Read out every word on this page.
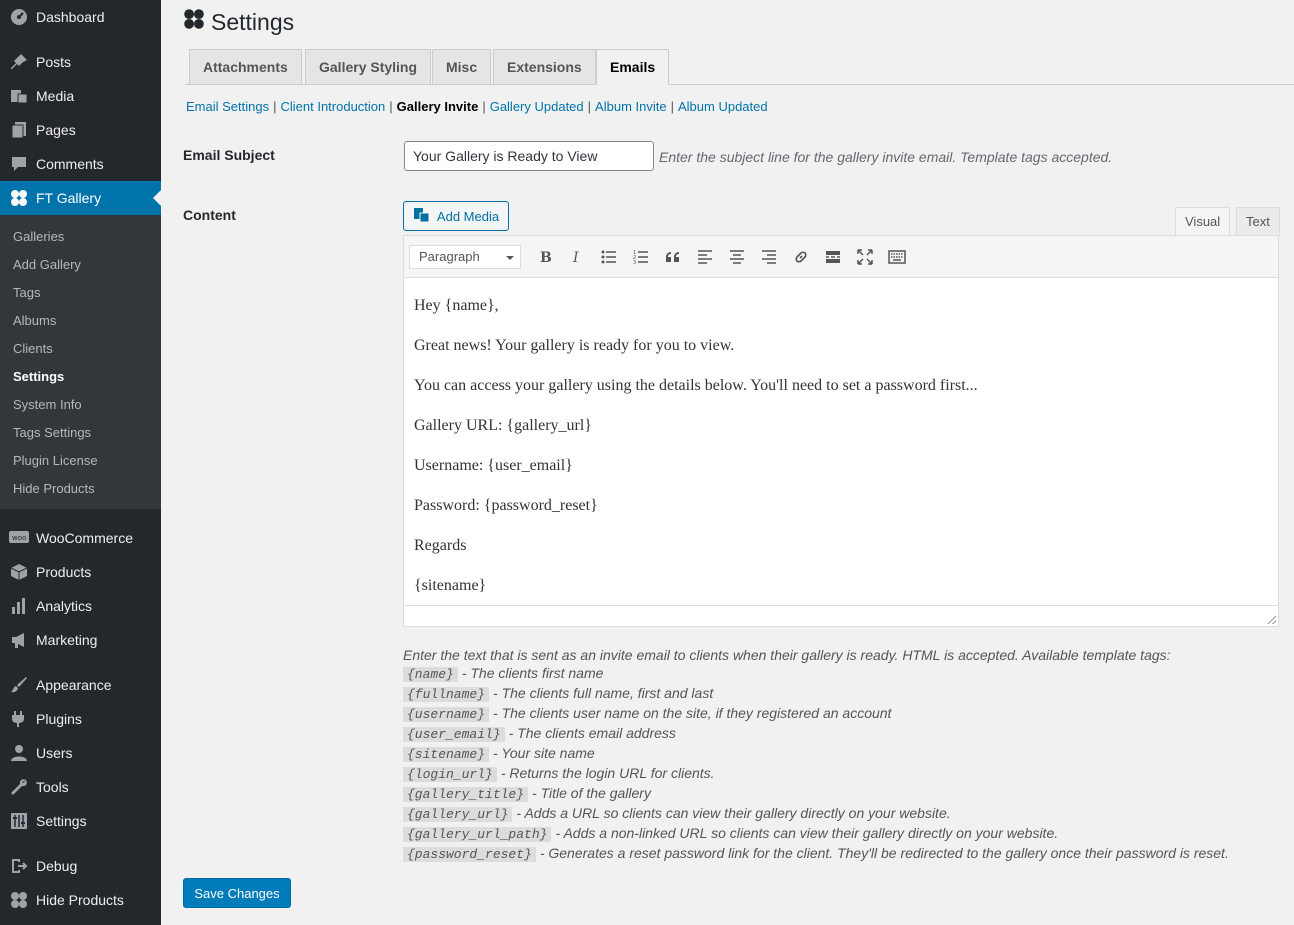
Dashboard
Posts
Media
Pages
Comments
FT Gallery
Galleries
Add Gallery
Tags
Albums
Clients
Settings
System Info
Tags Settings
Plugin License
Hide Products
woo WooCommerce
Products
Analytics
Marketing
Appearance
Plugins
Users
Tools
Settings
Debug
Hide Products
Settings
Attachments	Gallery Styling	Misc	Extensions	Emails
Email Settings | Client Introduction | Gallery Invite | Gallery Updated | Album Invite | Album Updated
Email Subject
Your Gallery is Ready to View	Enter the subject line for the gallery invite email. Template tags accepted.
Content	Add Media	Visual	Text
Paragraph	B I	1
2
3

Hey {name},

Great news! Your gallery is ready for you to view.

You can access your gallery using the details below. You'll need to set a password first...

Gallery URL: {gallery_url}

Username: {user_email}

Password: {password_reset}

Regards

{sitename}

Enter the text that is sent as an invite email to clients when their gallery is ready. HTML is accepted. Available template tags:
{name} - The clients first name
{fullname} - The clients full name, first and last
{username} - The clients user name on the site, if they registered an account
{user_email} - The clients email address
{sitename} - Your site name
{login_url} - Returns the login URL for clients.
{gallery_title} - Title of the gallery
{gallery_url} - Adds a URL so clients can view their gallery directly on your website.
{gallery_url_path} - Adds a non-linked URL so clients can view their gallery directly on your website.
{password_reset} - Generates a reset password link for the client. They'll be redirected to the gallery once their password is reset.
Save Changes
